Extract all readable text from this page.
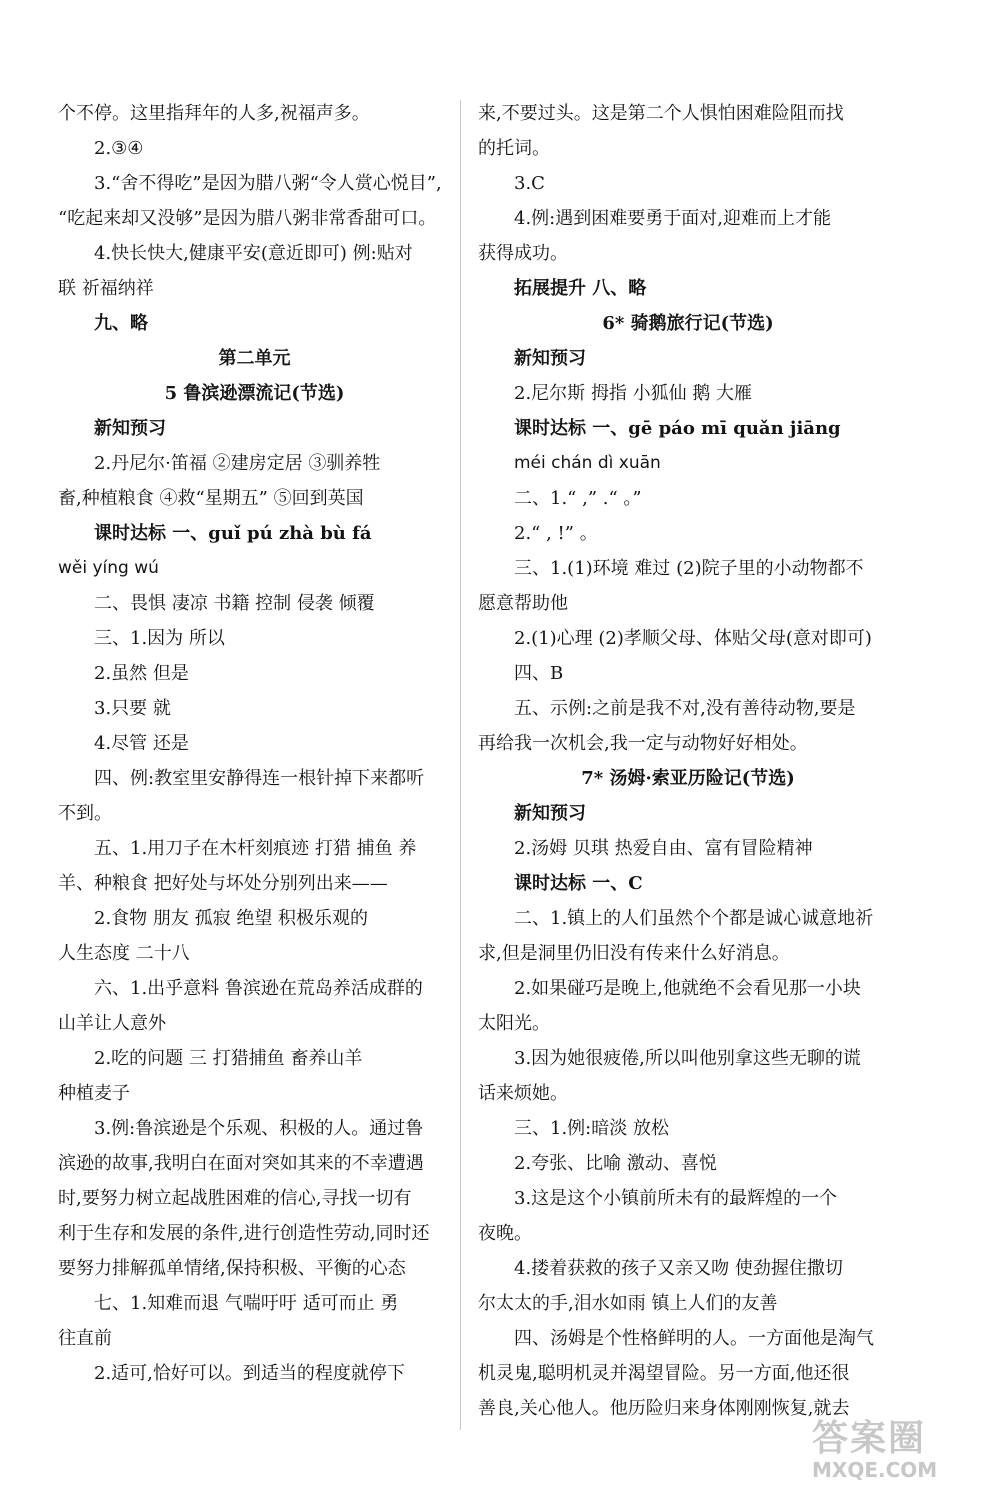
个不停。这里指拜年的人多,祝福声多。
2.③④
3.“舍不得吃”是因为腊八粥“令人赏心悦目”,
“吃起来却又没够”是因为腊八粥非常香甜可口。
4.快长快大,健康平安(意近即可) 例:贴对
联 祈福纳祥
九、略
第二单元
5 鲁滨逊漂流记(节选)
新知预习
2.丹尼尔·笛福 ②建房定居 ③驯养牲
畜,种植粮食 ④救“星期五” ⑤回到英国
课时达标 一、guǐ pú zhà bù fá
wěi yíng wú
二、畏惧 凄凉 书籍 控制 侵袭 倾覆
三、1.因为 所以
2.虽然 但是
3.只要 就
4.尽管 还是
四、例:教室里安静得连一根针掉下来都听
不到。
五、1.用刀子在木杆刻痕迹 打猎 捕鱼 养
羊、种粮食 把好处与坏处分别列出来——
2.食物 朋友 孤寂 绝望 积极乐观的
人生态度 二十八
六、1.出乎意料 鲁滨逊在荒岛养活成群的
山羊让人意外
2.吃的问题 三 打猎捕鱼 畜养山羊
种植麦子
3.例:鲁滨逊是个乐观、积极的人。通过鲁
滨逊的故事,我明白在面对突如其来的不幸遭遇
时,要努力树立起战胜困难的信心,寻找一切有
利于生存和发展的条件,进行创造性劳动,同时还
要努力排解孤单情绪,保持积极、平衡的心态
七、1.知难而退 气喘吁吁 适可而止 勇
往直前
2.适可,恰好可以。到适当的程度就停下
来,不要过头。这是第二个人惧怕困难险阻而找
的托词。
3.C
4.例:遇到困难要勇于面对,迎难而上才能
获得成功。
拓展提升 八、略
6* 骑鹅旅行记(节选)
新知预习
2.尼尔斯 拇指 小狐仙 鹅 大雁
课时达标 一、gē páo mī quǎn jiāng
méi chán dì xuān
二、1.“ ,” .“ 。”
2.“ , !” 。
三、1.(1)环境 难过 (2)院子里的小动物都不
愿意帮助他
2.(1)心理 (2)孝顺父母、体贴父母(意对即可)
四、B
五、示例:之前是我不对,没有善待动物,要是
再给我一次机会,我一定与动物好好相处。
7* 汤姆·索亚历险记(节选)
新知预习
2.汤姆 贝琪 热爱自由、富有冒险精神
课时达标 一、C
二、1.镇上的人们虽然个个都是诚心诚意地祈
求,但是洞里仍旧没有传来什么好消息。
2.如果碰巧是晚上,他就绝不会看见那一小块
太阳光。
3.因为她很疲倦,所以叫他别拿这些无聊的谎
话来烦她。
三、1.例:暗淡 放松
2.夸张、比喻 激动、喜悦
3.这是这个小镇前所未有的最辉煌的一个
夜晚。
4.搂着获救的孩子又亲又吻 使劲握住撒切
尔太太的手,泪水如雨 镇上人们的友善
四、汤姆是个性格鲜明的人。一方面他是淘气
机灵鬼,聪明机灵并渴望冒险。另一方面,他还很
善良,关心他人。他历险归来身体刚刚恢复,就去
答案圈
MXQE.COM
